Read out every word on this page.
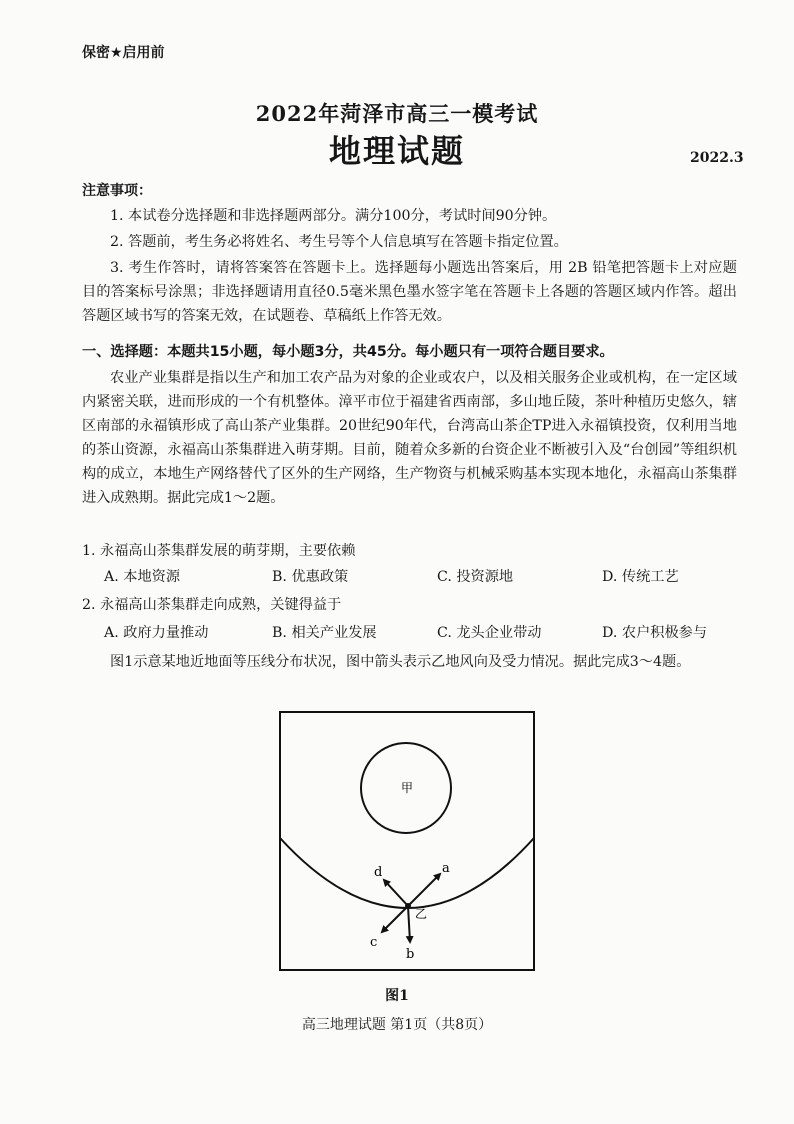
保密★启用前
2022年菏泽市高三一模考试
地理试题	2022.3
注意事项：
1. 本试卷分选择题和非选择题两部分。满分100分，考试时间90分钟。
2. 答题前，考生务必将姓名、考生号等个人信息填写在答题卡指定位置。
3. 考生作答时，请将答案答在答题卡上。选择题每小题选出答案后，用 2B 铅笔把答题卡上对应题目的答案标号涂黑；非选择题请用直径0.5毫米黑色墨水签字笔在答题卡上各题的答题区域内作答。超出答题区域书写的答案无效，在试题卷、草稿纸上作答无效。
一、选择题：本题共15小题，每小题3分，共45分。每小题只有一项符合题目要求。
农业产业集群是指以生产和加工农产品为对象的企业或农户，以及相关服务企业或机构，在一定区域内紧密关联，进而形成的一个有机整体。漳平市位于福建省西南部，多山地丘陵，茶叶种植历史悠久，辖区南部的永福镇形成了高山茶产业集群。20世纪90年代，台湾高山茶企TP进入永福镇投资，仅利用当地的茶山资源，永福高山茶集群进入萌芽期。目前，随着众多新的台资企业不断被引入及“台创园”等组织机构的成立，本地生产网络替代了区外的生产网络，生产物资与机械采购基本实现本地化，永福高山茶集群进入成熟期。据此完成1～2题。
1. 永福高山茶集群发展的萌芽期，主要依赖
A. 本地资源	B. 优惠政策	C. 投资源地	D. 传统工艺
2. 永福高山茶集群走向成熟，关键得益于
A. 政府力量推动	B. 相关产业发展	C. 龙头企业带动	D. 农户积极参与
图1示意某地近地面等压线分布状况，图中箭头表示乙地风向及受力情况。据此完成3～4题。
甲
乙
a
d
c
b
图1
高三地理试题 第1页（共8页）
